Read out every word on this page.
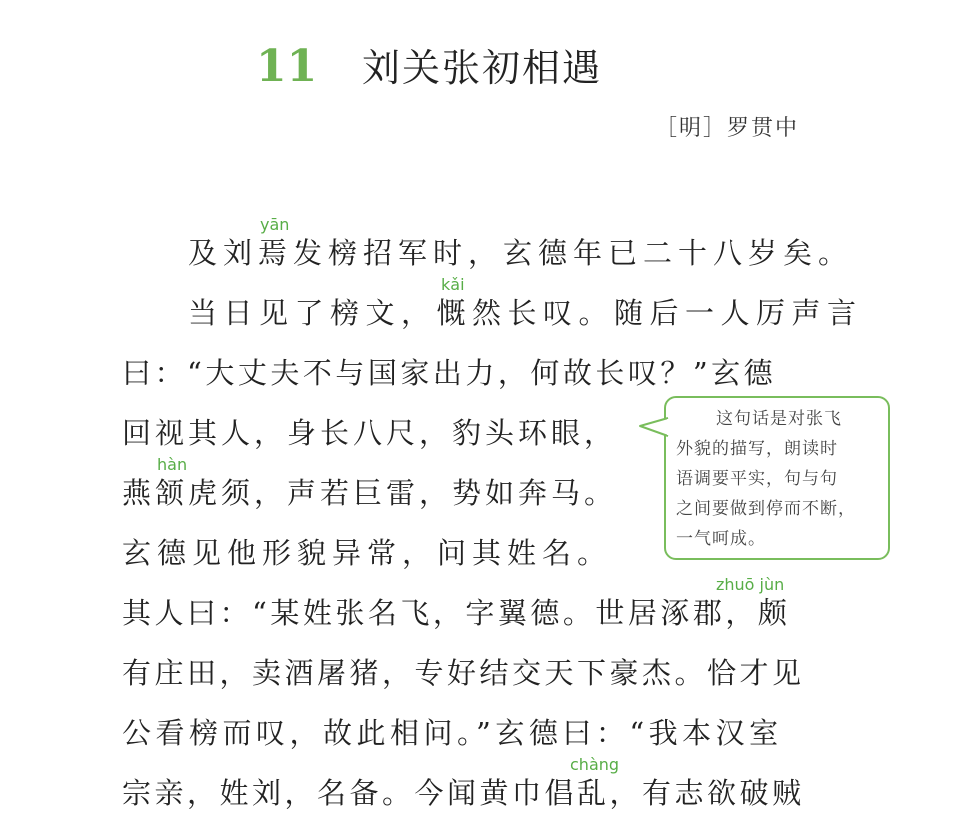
11 刘关张初相遇
［明］罗贯中
yān
kǎi
hàn
zhuō jùn
chàng
及刘焉发榜招军时，玄德年已二十八岁矣。
当日见了榜文，慨然长叹。随后一人厉声言
曰：“大丈夫不与国家出力，何故长叹？”玄德
回视其人，身长八尺，豹头环眼，
燕颔虎须，声若巨雷，势如奔马。
玄德见他形貌异常，问其姓名。
其人曰：“某姓张名飞，字翼德。世居涿郡，颇
有庄田，卖酒屠猪，专好结交天下豪杰。恰才见
公看榜而叹，故此相问。”玄德曰：“我本汉室
宗亲，姓刘，名备。今闻黄巾倡乱，有志欲破贼
这句话是对张飞
外貌的描写，朗读时
语调要平实，句与句
之间要做到停而不断，
一气呵成。
